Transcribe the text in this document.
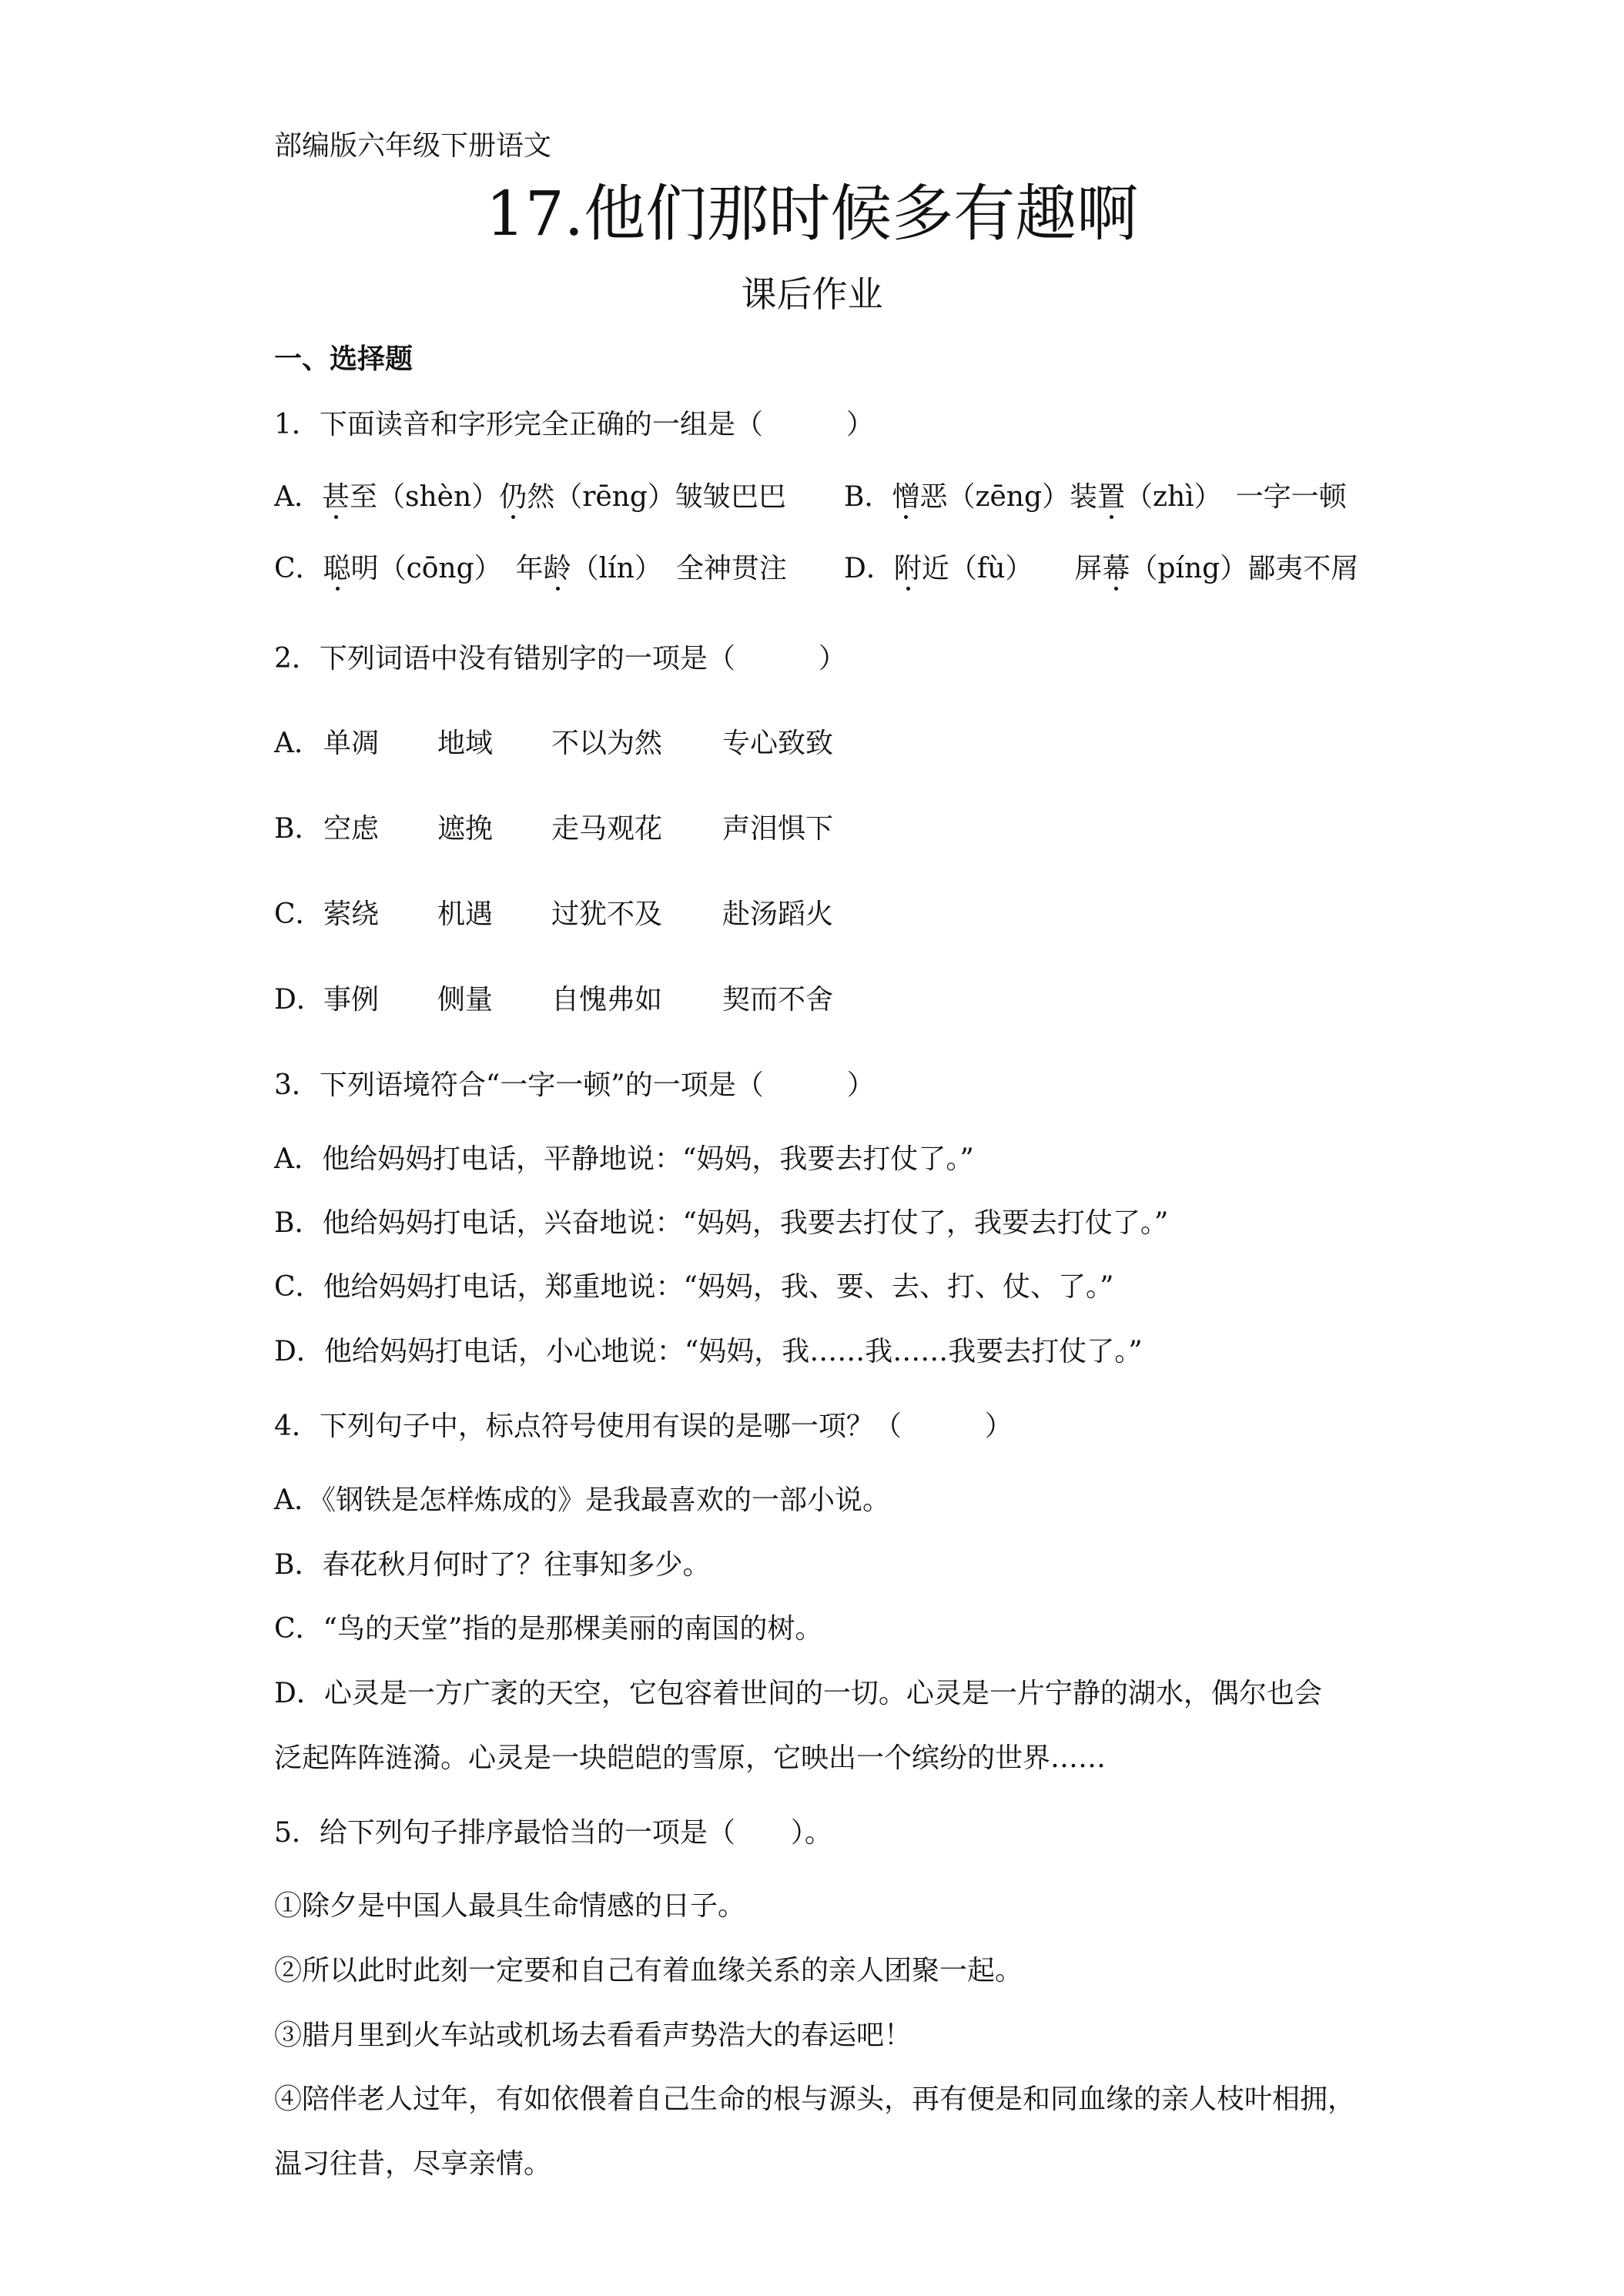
部编版六年级下册语文
17.他们那时候多有趣啊
课后作业
一、选择题
1．下面读音和字形完全正确的一组是（　　　）
A．甚至（shèn）仍然（rēng）皱皱巴巴 B．憎恶（zēng）装置（zhì）　一字一顿
C．聪明（cōng）　年龄（lín）　全神贯注 D．附近（fù）　　屏幕（píng）鄙夷不屑
2．下列词语中没有错别字的一项是（　　　）
A． 单凋 地域 不以为然 专心致致
B． 空虑 遮挽 走马观花 声泪惧下
C． 萦绕 机遇 过犹不及 赴汤蹈火
D． 事例 侧量 自愧弗如 契而不舍
3．下列语境符合“一字一顿”的一项是（　　　）
A．他给妈妈打电话，平静地说：“妈妈，我要去打仗了。”
B．他给妈妈打电话，兴奋地说：“妈妈，我要去打仗了，我要去打仗了。”
C．他给妈妈打电话，郑重地说：“妈妈，我、要、去、打、仗、了。”
D．他给妈妈打电话，小心地说：“妈妈，我……我……我要去打仗了。”
4．下列句子中，标点符号使用有误的是哪一项？（　　　）
A．《钢铁是怎样炼成的》是我最喜欢的一部小说。
B．春花秋月何时了？往事知多少。
C．“鸟的天堂”指的是那棵美丽的南国的树。
D．心灵是一方广袤的天空，它包容着世间的一切。心灵是一片宁静的湖水，偶尔也会
泛起阵阵涟漪。心灵是一块皑皑的雪原，它映出一个缤纷的世界……
5．给下列句子排序最恰当的一项是（　　）。
①除夕是中国人最具生命情感的日子。
②所以此时此刻一定要和自己有着血缘关系的亲人团聚一起。
③腊月里到火车站或机场去看看声势浩大的春运吧！
④陪伴老人过年，有如依偎着自己生命的根与源头，再有便是和同血缘的亲人枝叶相拥，
温习往昔，尽享亲情。
